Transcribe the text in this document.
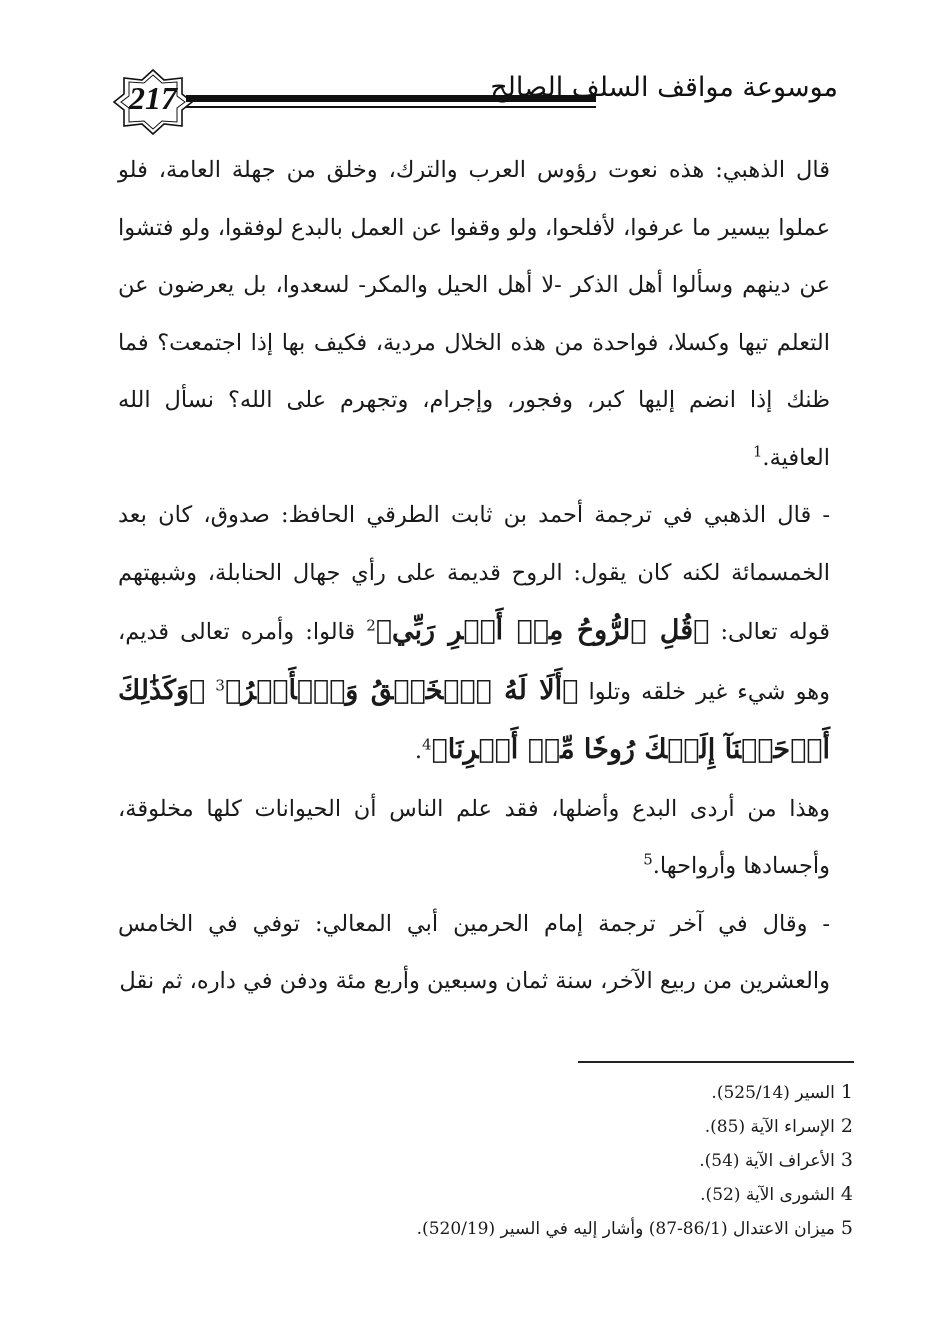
217	موسوعة مواقف السلف الصالح

قال الذهبي: هذه نعوت رؤوس العرب والترك، وخلق من جهلة العامة، فلو عملوا بيسير ما عرفوا، لأفلحوا، ولو وقفوا عن العمل بالبدع لوفقوا، ولو فتشوا عن دينهم وسألوا أهل الذكر -لا أهل الحيل والمكر- لسعدوا، بل يعرضون عن التعلم تيها وكسلا، فواحدة من هذه الخلال مردية، فكيف بها إذا اجتمعت؟ فما ظنك إذا انضم إليها كبر، وفجور، وإجرام، وتجهرم على الله؟ نسأل الله العافية.$^1$

- قال الذهبي في ترجمة أحمد بن ثابت الطرقي الحافظ: صدوق، كان بعد الخمسمائة لكنه كان يقول: الروح قديمة على رأي جهال الحنابلة، وشبهتهم قوله تعالى: ﴿قُلِ ٱلرُّوحُ مِنۡ أَمۡرِ رَبِّي﴾$^2$ قالوا: وأمره تعالى قديم، وهو شيء غير خلقه وتلوا ﴿أَلَا لَهُ ٱلۡخَلۡقُ وَٱلۡأَمۡرُ﴾$^3$ ﴿وَكَذَٰلِكَ أَوۡحَيۡنَآ إِلَيۡكَ رُوحٗا مِّنۡ أَمۡرِنَا﴾$^4$.

وهذا من أردى البدع وأضلها، فقد علم الناس أن الحيوانات كلها مخلوقة، وأجسادها وأرواحها.$^5$

- وقال في آخر ترجمة إمام الحرمين أبي المعالي: توفي في الخامس والعشرين من ربيع الآخر، سنة ثمان وسبعين وأربع مئة ودفن في داره، ثم نقل

1السير (525/14).
2الإسراء الآية (85).
3الأعراف الآية (54).
4الشورى الآية (52).
5ميزان الاعتدال (86/1-87) وأشار إليه في السير (520/19).
